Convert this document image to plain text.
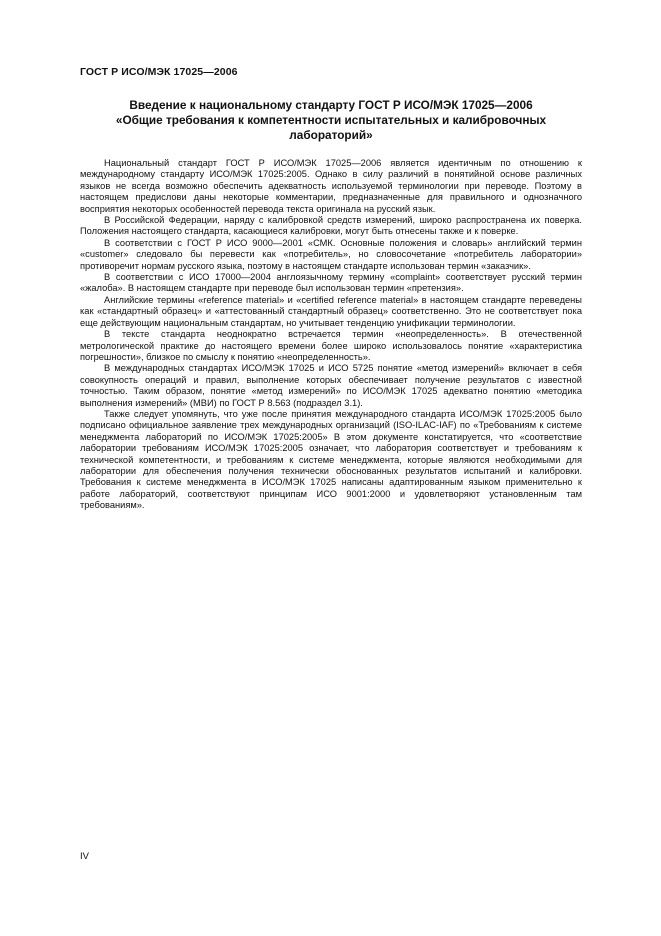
ГОСТ Р ИСО/МЭК 17025—2006
Введение к национальному стандарту ГОСТ Р ИСО/МЭК 17025—2006
«Общие требования к компетентности испытательных и калибровочных
лабораторий»

Национальный стандарт ГОСТ Р ИСО/МЭК 17025—2006 является идентичным по отношению к международному стандарту ИСО/МЭК 17025:2005. Однако в силу различий в понятийной основе различных языков не всегда возможно обеспечить адекватность используемой терминологии при переводе. Поэтому в настоящем предислови даны некоторые комментарии, предназначенные для правильного и однозначного восприятия некоторых особенностей перевода текста оригинала на русский язык.

В Российской Федерации, наряду с калибровкой средств измерений, широко распространена их поверка. Положения настоящего стандарта, касающиеся калибровки, могут быть отнесены также и к поверке.

В соответствии с ГОСТ Р ИСО 9000—2001 «СМК. Основные положения и словарь» английский термин «customer» следовало бы перевести как «потребитель», но словосочетание «потребитель лаборатории» противоречит нормам русского языка, поэтому в настоящем стандарте использован термин «заказчик».

В соответствии с ИСО 17000—2004 англоязычному термину «complaint» соответствует русский термин «жалоба». В настоящем стандарте при переводе был использован термин «претензия».

Английские термины «reference material» и «certified reference material» в настоящем стандарте переведены как «стандартный образец» и «аттестованный стандартный образец» соответственно. Это не соответствует пока еще действующим национальным стандартам, но учитывает тенденцию унификации терминологии.

В тексте стандарта неоднократно встречается термин «неопределенность». В отечественной метрологической практике до настоящего времени более широко использовалось понятие «характеристика погрешности», близкое по смыслу к понятию «неопределенность».

В международных стандартах ИСО/МЭК 17025 и ИСО 5725 понятие «метод измерений» включает в себя совокупность операций и правил, выполнение которых обеспечивает получение результатов с известной точностью. Таким образом, понятие «метод измерений» по ИСО/МЭК 17025 адекватно понятию «методика выполнения измерений» (МВИ) по ГОСТ Р 8.563 (подраздел 3.1).

Также следует упомянуть, что уже после принятия международного стандарта ИСО/МЭК 17025:2005 было подписано официальное заявление трех международных организаций (ISO-ILAC-IAF) по «Требованиям к системе менеджмента лабораторий по ИСО/МЭК 17025:2005» В этом документе констатируется, что «соответствие лаборатории требованиям ИСО/МЭК 17025:2005 означает, что лаборатория соответствует и требованиям к технической компетентности, и требованиям к системе менеджмента, которые являются необходимыми для лаборатории для обеспечения получения технически обоснованных результатов испытаний и калибровки. Требования к системе менеджмента в ИСО/МЭК 17025 написаны адаптированным языком применительно к работе лабораторий, соответствуют принципам ИСО 9001:2000 и удовлетворяют установленным там требованиям».

IV
